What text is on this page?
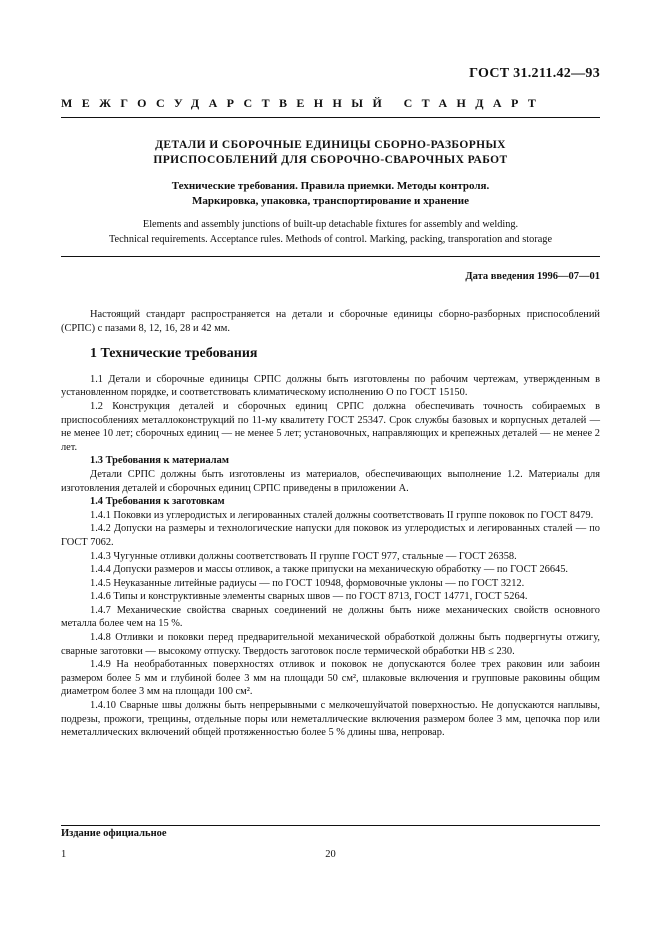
ГОСТ 31.211.42—93
МЕЖГОСУДАРСТВЕННЫЙ СТАНДАРТ
ДЕТАЛИ И СБОРОЧНЫЕ ЕДИНИЦЫ СБОРНО-РАЗБОРНЫХ
ПРИСПОСОБЛЕНИЙ ДЛЯ СБОРОЧНО-СВАРОЧНЫХ РАБОТ
Технические требования. Правила приемки. Методы контроля.
Маркировка, упаковка, транспортирование и хранение
Elements and assembly junctions of built-up detachable fixtures for assembly and welding.
Technical requirements. Acceptance rules. Methods of control. Marking, packing, transporation and storage
Дата введения 1996—07—01

Настоящий стандарт распространяется на детали и сборочные единицы сборно-разборных приспособлений (СРПС) с пазами 8, 12, 16, 28 и 42 мм.

1 Технические требования

1.1 Детали и сборочные единицы СРПС должны быть изготовлены по рабочим чертежам, утвержденным в установленном порядке, и соответствовать климатическому исполнению О по ГОСТ 15150.

1.2 Конструкция деталей и сборочных единиц СРПС должна обеспечивать точность собираемых в приспособлениях металлоконструкций по 11-му квалитету ГОСТ 25347. Срок службы базовых и корпусных деталей — не менее 10 лет; сборочных единиц — не менее 5 лет; установочных, направляющих и крепежных деталей — не менее 2 лет.

1.3 Требования к материалам

Детали СРПС должны быть изготовлены из материалов, обеспечивающих выполнение 1.2. Материалы для изготовления деталей и сборочных единиц СРПС приведены в приложении А.

1.4 Требования к заготовкам

1.4.1 Поковки из углеродистых и легированных сталей должны соответствовать II группе поковок по ГОСТ 8479.

1.4.2 Допуски на размеры и технологические напуски для поковок из углеродистых и легированных сталей — по ГОСТ 7062.

1.4.3 Чугунные отливки должны соответствовать II группе ГОСТ 977, стальные — ГОСТ 26358.

1.4.4 Допуски размеров и массы отливок, а также припуски на механическую обработку — по ГОСТ 26645.

1.4.5 Неуказанные литейные радиусы — по ГОСТ 10948, формовочные уклоны — по ГОСТ 3212.

1.4.6 Типы и конструктивные элементы сварных швов — по ГОСТ 8713, ГОСТ 14771, ГОСТ 5264.

1.4.7 Механические свойства сварных соединений не должны быть ниже механических свойств основного металла более чем на 15 %.

1.4.8 Отливки и поковки перед предварительной механической обработкой должны быть подвергнуты отжигу, сварные заготовки — высокому отпуску. Твердость заготовок после термической обработки НВ ≤ 230.

1.4.9 На необработанных поверхностях отливок и поковок не допускаются более трех раковин или забоин размером более 5 мм и глубиной более 3 мм на площади 50 см², шлаковые включения и групповые раковины общим диаметром более 3 мм на площади 100 см².

1.4.10 Сварные швы должны быть непрерывными с мелкочешуйчатой поверхностью. Не допускаются наплывы, подрезы, прожоги, трещины, отдельные поры или неметаллические включения размером более 3 мм, цепочка пор или неметаллических включений общей протяженностью более 5 % длины шва, непровар.

Издание официальное
1	20
